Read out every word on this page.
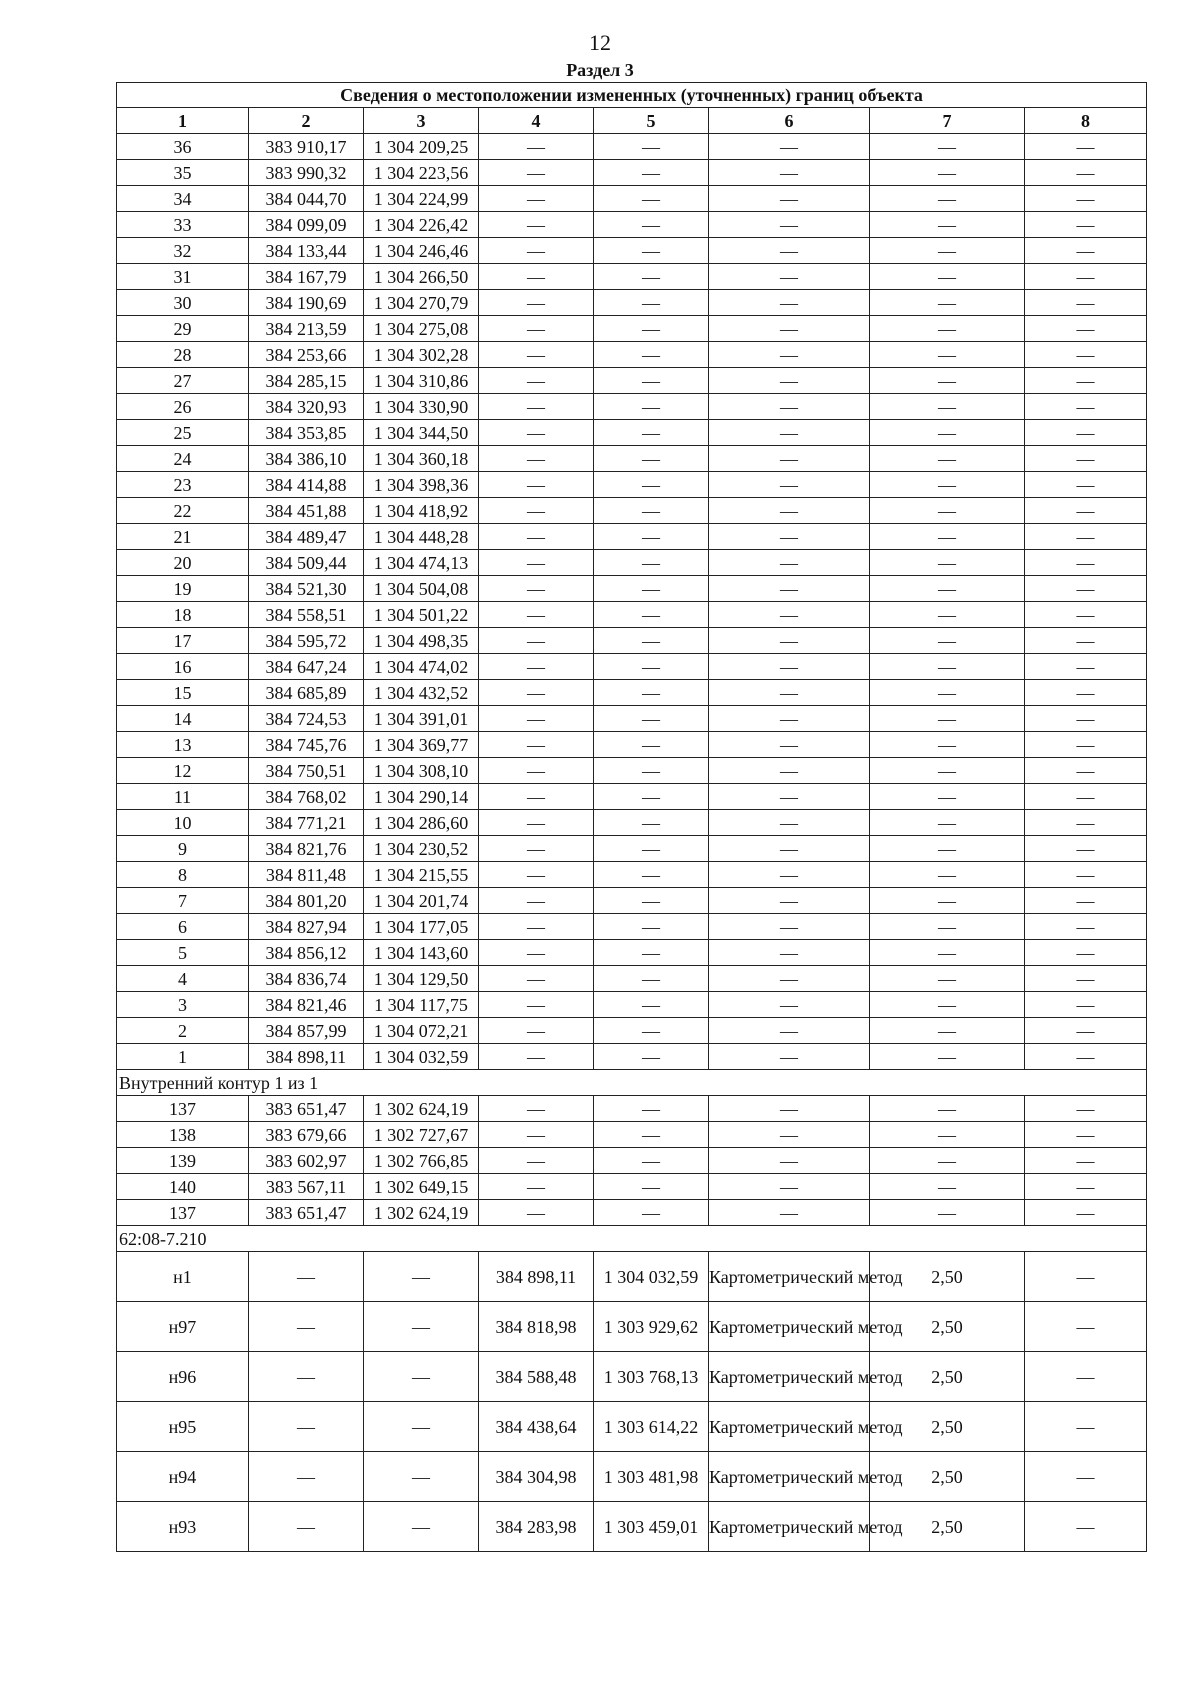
12
Раздел 3
Сведения о местоположении измененных (уточненных) границ объекта							
1	2	3	4	5	6	7	8
36	383 910,17	1 304 209,25	—	—	—	—	—
35	383 990,32	1 304 223,56	—	—	—	—	—
34	384 044,70	1 304 224,99	—	—	—	—	—
33	384 099,09	1 304 226,42	—	—	—	—	—
32	384 133,44	1 304 246,46	—	—	—	—	—
31	384 167,79	1 304 266,50	—	—	—	—	—
30	384 190,69	1 304 270,79	—	—	—	—	—
29	384 213,59	1 304 275,08	—	—	—	—	—
28	384 253,66	1 304 302,28	—	—	—	—	—
27	384 285,15	1 304 310,86	—	—	—	—	—
26	384 320,93	1 304 330,90	—	—	—	—	—
25	384 353,85	1 304 344,50	—	—	—	—	—
24	384 386,10	1 304 360,18	—	—	—	—	—
23	384 414,88	1 304 398,36	—	—	—	—	—
22	384 451,88	1 304 418,92	—	—	—	—	—
21	384 489,47	1 304 448,28	—	—	—	—	—
20	384 509,44	1 304 474,13	—	—	—	—	—
19	384 521,30	1 304 504,08	—	—	—	—	—
18	384 558,51	1 304 501,22	—	—	—	—	—
17	384 595,72	1 304 498,35	—	—	—	—	—
16	384 647,24	1 304 474,02	—	—	—	—	—
15	384 685,89	1 304 432,52	—	—	—	—	—
14	384 724,53	1 304 391,01	—	—	—	—	—
13	384 745,76	1 304 369,77	—	—	—	—	—
12	384 750,51	1 304 308,10	—	—	—	—	—
11	384 768,02	1 304 290,14	—	—	—	—	—
10	384 771,21	1 304 286,60	—	—	—	—	—
9	384 821,76	1 304 230,52	—	—	—	—	—
8	384 811,48	1 304 215,55	—	—	—	—	—
7	384 801,20	1 304 201,74	—	—	—	—	—
6	384 827,94	1 304 177,05	—	—	—	—	—
5	384 856,12	1 304 143,60	—	—	—	—	—
4	384 836,74	1 304 129,50	—	—	—	—	—
3	384 821,46	1 304 117,75	—	—	—	—	—
2	384 857,99	1 304 072,21	—	—	—	—	—
1	384 898,11	1 304 032,59	—	—	—	—	—
Внутренний контур 1 из 1							
137	383 651,47	1 302 624,19	—	—	—	—	—
138	383 679,66	1 302 727,67	—	—	—	—	—
139	383 602,97	1 302 766,85	—	—	—	—	—
140	383 567,11	1 302 649,15	—	—	—	—	—
137	383 651,47	1 302 624,19	—	—	—	—	—
62:08-7.210							
н1	—	—	384 898,11	1 304 032,59	Картометрический метод	2,50	—
н97	—	—	384 818,98	1 303 929,62	Картометрический метод	2,50	—
н96	—	—	384 588,48	1 303 768,13	Картометрический метод	2,50	—
н95	—	—	384 438,64	1 303 614,22	Картометрический метод	2,50	—
н94	—	—	384 304,98	1 303 481,98	Картометрический метод	2,50	—
н93	—	—	384 283,98	1 303 459,01	Картометрический метод	2,50	—
